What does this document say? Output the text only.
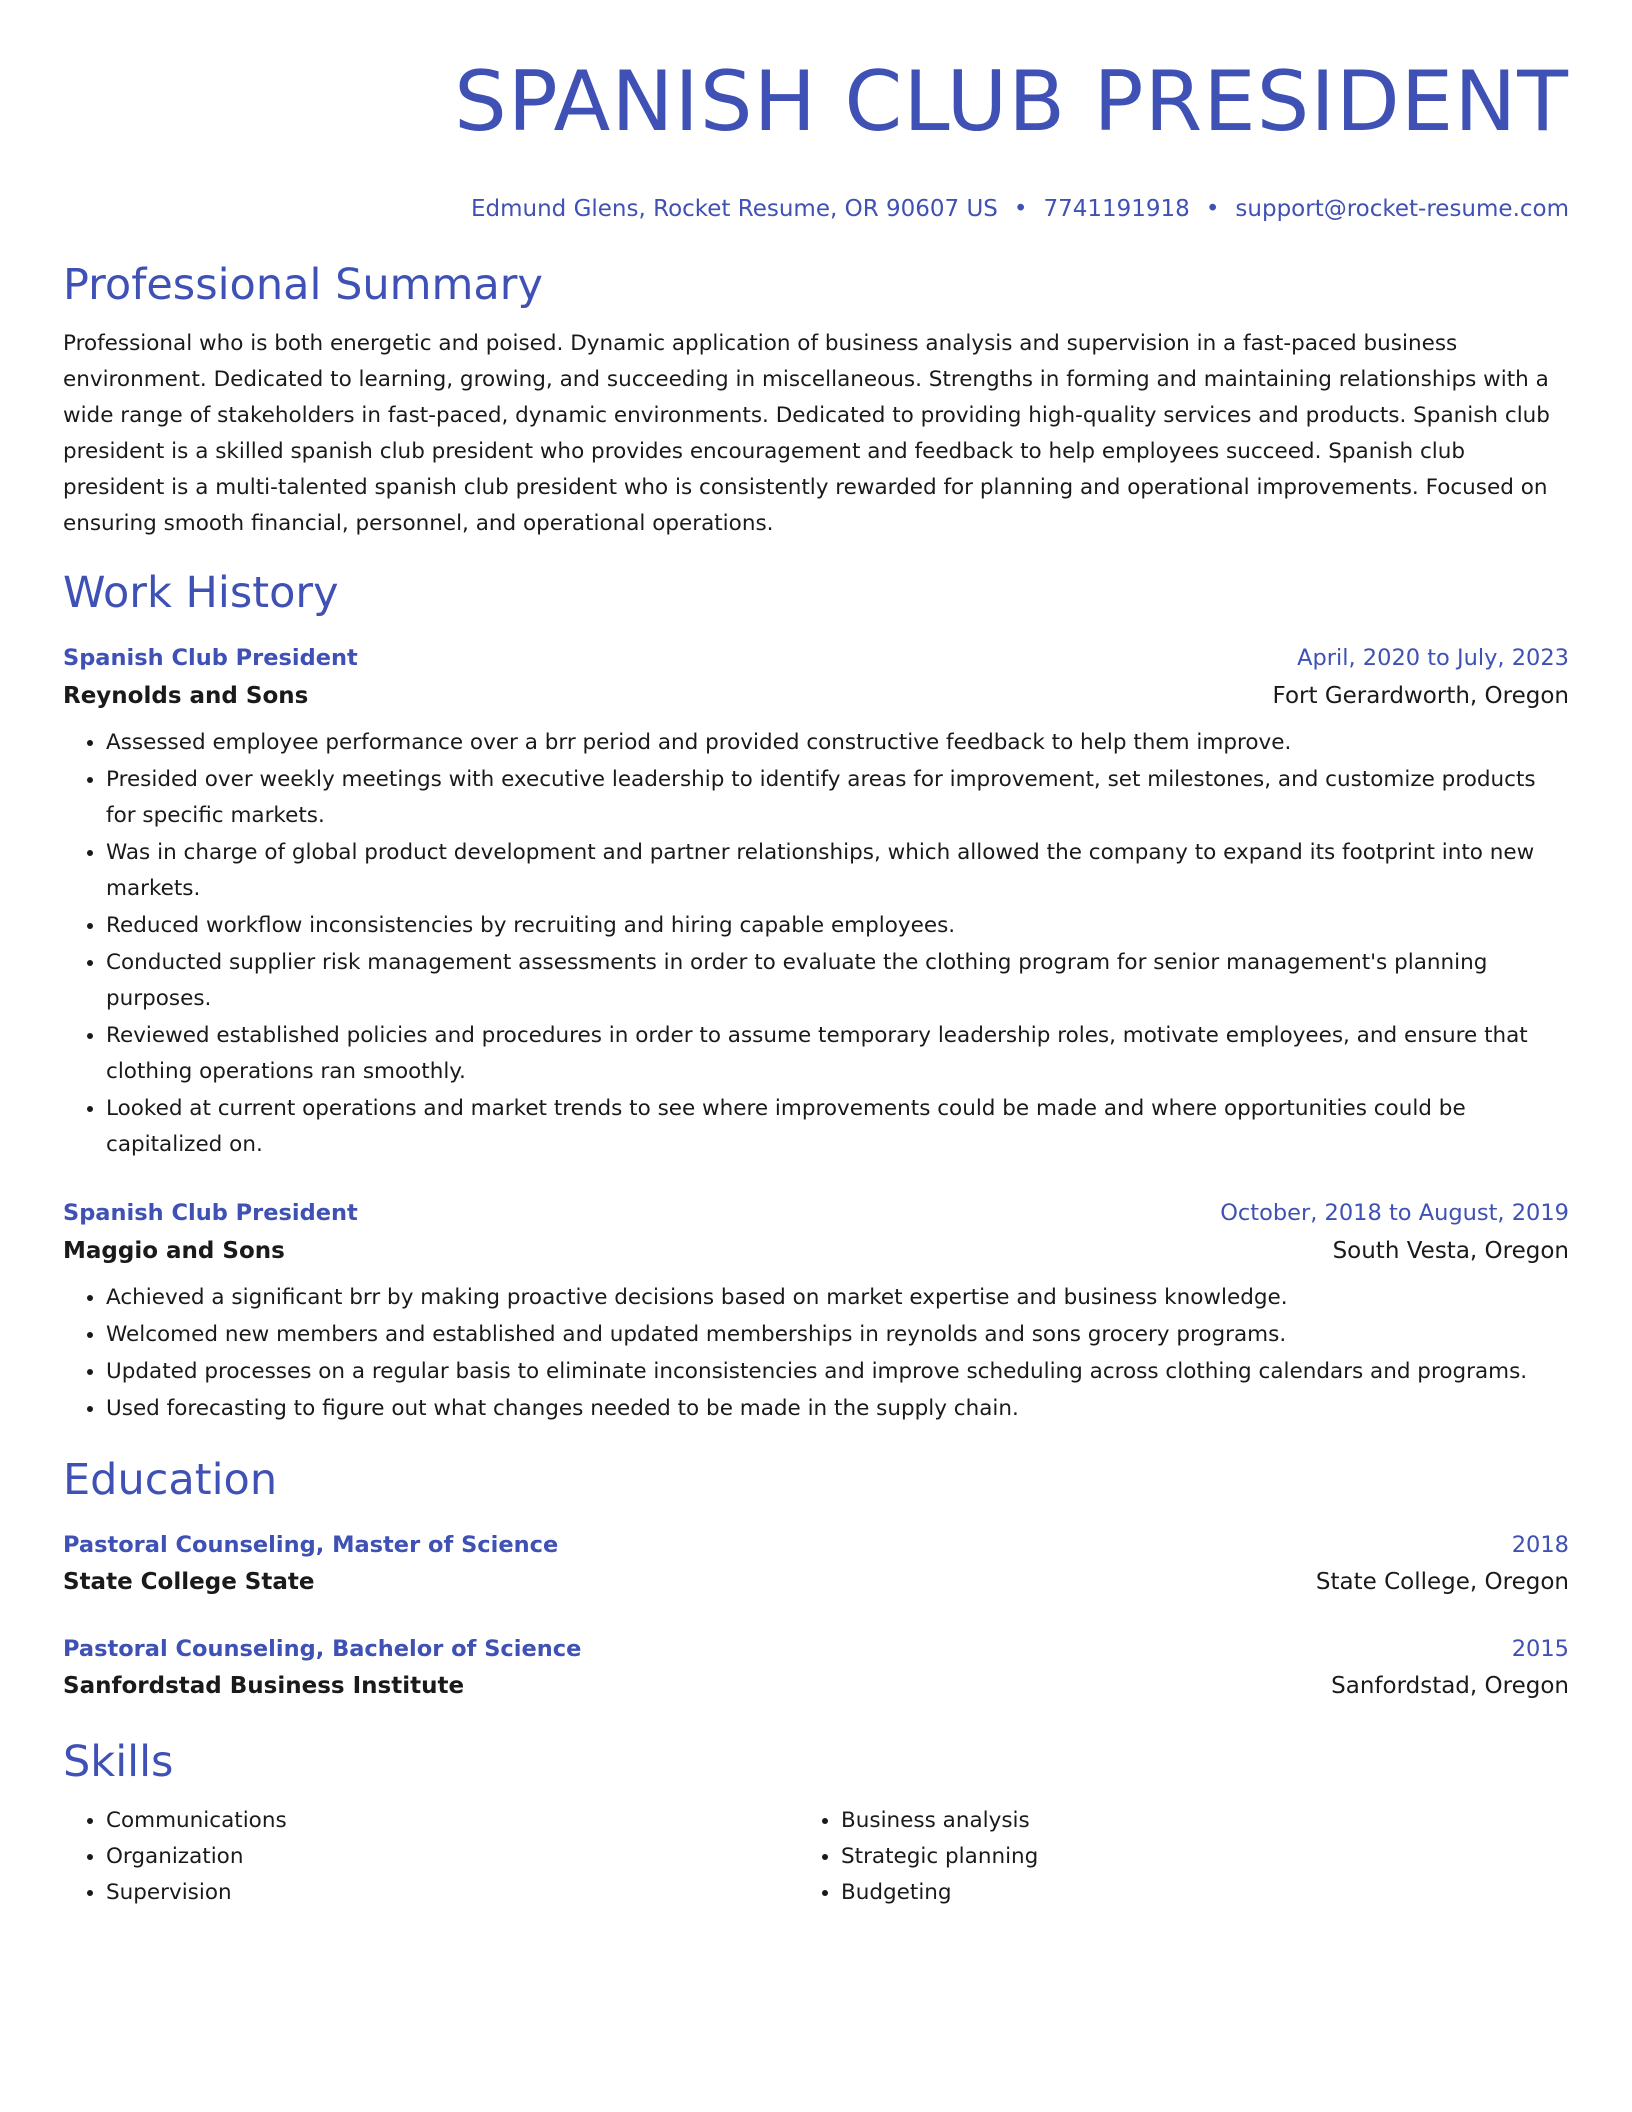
SPANISH CLUB PRESIDENT
Edmund Glens, Rocket Resume, OR 90607 US • 7741191918 • support@rocket-resume.com
Professional Summary
Professional who is both energetic and poised. Dynamic application of business analysis and supervision in a fast-paced business environment. Dedicated to learning, growing, and succeeding in miscellaneous. Strengths in forming and maintaining relationships with a wide range of stakeholders in fast-paced, dynamic environments. Dedicated to providing high-quality services and products. Spanish club president is a skilled spanish club president who provides encouragement and feedback to help employees succeed. Spanish club president is a multi-talented spanish club president who is consistently rewarded for planning and operational improvements. Focused on ensuring smooth financial, personnel, and operational operations.
Work History
Spanish Club President	April, 2020 to July, 2023
Reynolds and Sons	Fort Gerardworth, Oregon
• Assessed employee performance over a brr period and provided constructive feedback to help them improve.
• Presided over weekly meetings with executive leadership to identify areas for improvement, set milestones, and customize products for specific markets.
• Was in charge of global product development and partner relationships, which allowed the company to expand its footprint into new markets.
• Reduced workflow inconsistencies by recruiting and hiring capable employees.
• Conducted supplier risk management assessments in order to evaluate the clothing program for senior management's planning purposes.
• Reviewed established policies and procedures in order to assume temporary leadership roles, motivate employees, and ensure that clothing operations ran smoothly.
• Looked at current operations and market trends to see where improvements could be made and where opportunities could be capitalized on.
Spanish Club President	October, 2018 to August, 2019
Maggio and Sons	South Vesta, Oregon
• Achieved a significant brr by making proactive decisions based on market expertise and business knowledge.
• Welcomed new members and established and updated memberships in reynolds and sons grocery programs.
• Updated processes on a regular basis to eliminate inconsistencies and improve scheduling across clothing calendars and programs.
• Used forecasting to figure out what changes needed to be made in the supply chain.
Education
Pastoral Counseling, Master of Science	2018
State College State	State College, Oregon
Pastoral Counseling, Bachelor of Science	2015
Sanfordstad Business Institute	Sanfordstad, Oregon
Skills
• Communications
• Organization
• Supervision
• Business analysis
• Strategic planning
• Budgeting
